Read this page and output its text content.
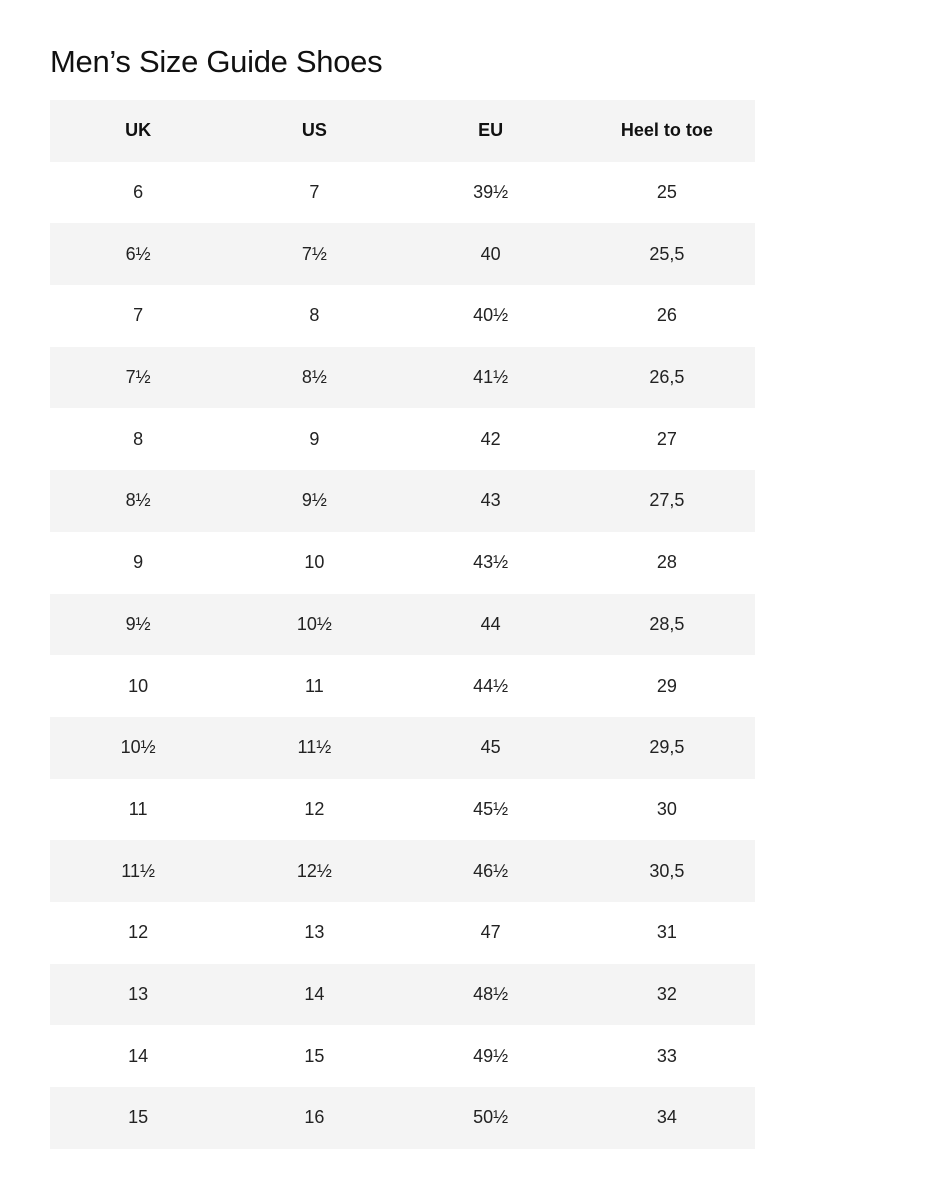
Men’s Size Guide Shoes
UK	US	EU	Heel to toe
6	7	39½	25
6½	7½	40	25,5
7	8	40½	26
7½	8½	41½	26,5
8	9	42	27
8½	9½	43	27,5
9	10	43½	28
9½	10½	44	28,5
10	11	44½	29
10½	11½	45	29,5
11	12	45½	30
11½	12½	46½	30,5
12	13	47	31
13	14	48½	32
14	15	49½	33
15	16	50½	34
